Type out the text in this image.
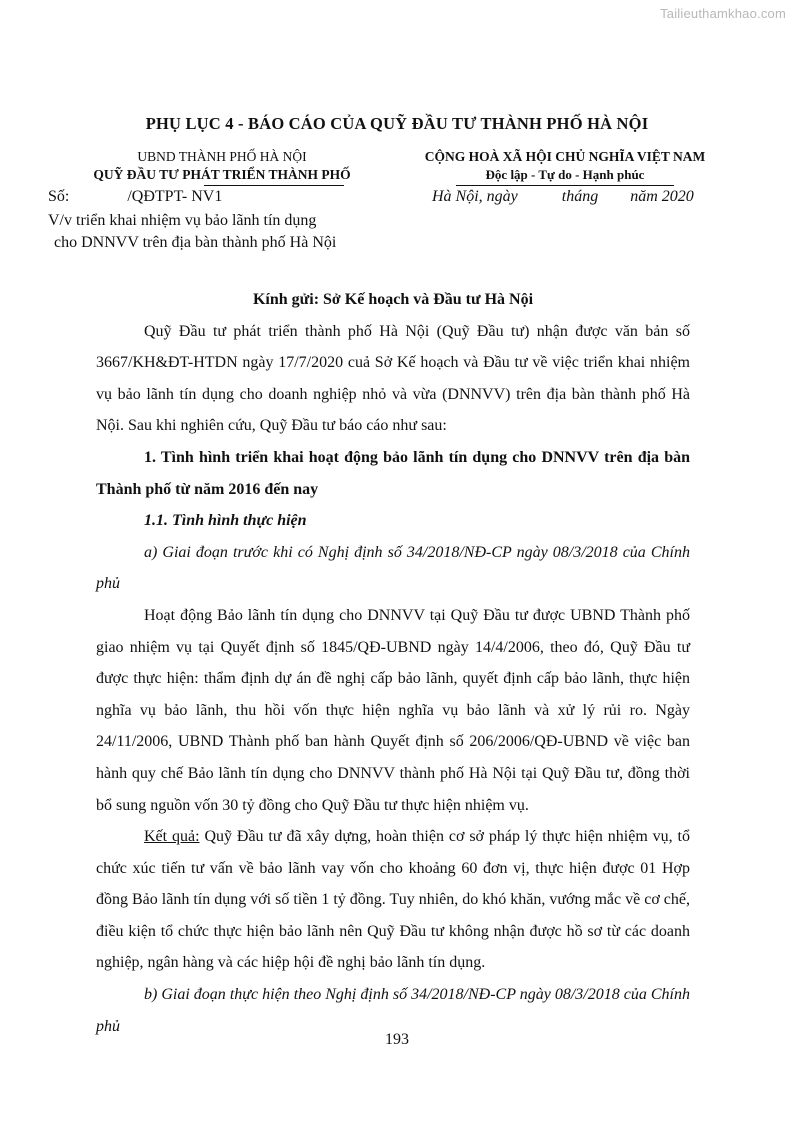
Tailieuthamkhao.com
PHỤ LỤC 4 - BÁO CÁO CỦA QUỸ ĐẦU TƯ THÀNH PHỐ HÀ NỘI
UBND THÀNH PHỐ HÀ NỘI
QUỸ ĐẦU TƯ PHÁT TRIỂN THÀNH PHỐ
CỘNG HOÀ XÃ HỘI CHỦ NGHĨA VIỆT NAM
Độc lập - Tự do - Hạnh phúc
Số:	/QĐTPT- NV1	Hà Nội, ngày	tháng năm 2020
V/v triển khai nhiệm vụ bảo lãnh tín dụng
cho DNNVV trên địa bàn thành phố Hà Nội

Kính gửi: Sở Kế hoạch và Đầu tư Hà Nội

Quỹ Đầu tư phát triển thành phố Hà Nội (Quỹ Đầu tư) nhận được văn bản số 3667/KH&ĐT-HTDN ngày 17/7/2020 cuả Sở Kế hoạch và Đầu tư về việc triển khai nhiệm vụ bảo lãnh tín dụng cho doanh nghiệp nhỏ và vừa (DNNVV) trên địa bàn thành phố Hà Nội. Sau khi nghiên cứu, Quỹ Đầu tư báo cáo như sau:

1. Tình hình triển khai hoạt động bảo lãnh tín dụng cho DNNVV trên địa bàn Thành phố từ năm 2016 đến nay

1.1. Tình hình thực hiện

a) Giai đoạn trước khi có Nghị định số 34/2018/NĐ-CP ngày 08/3/2018 của Chính phủ

Hoạt động Bảo lãnh tín dụng cho DNNVV tại Quỹ Đầu tư được UBND Thành phố giao nhiệm vụ tại Quyết định số 1845/QĐ-UBND ngày 14/4/2006, theo đó, Quỹ Đầu tư được thực hiện: thẩm định dự án đề nghị cấp bảo lãnh, quyết định cấp bảo lãnh, thực hiện nghĩa vụ bảo lãnh, thu hồi vốn thực hiện nghĩa vụ bảo lãnh và xử lý rủi ro. Ngày 24/11/2006, UBND Thành phố ban hành Quyết định số 206/2006/QĐ-UBND về việc ban hành quy chế Bảo lãnh tín dụng cho DNNVV thành phố Hà Nội tại Quỹ Đầu tư, đồng thời bổ sung nguồn vốn 30 tỷ đồng cho Quỹ Đầu tư thực hiện nhiệm vụ.

Kết quả: Quỹ Đầu tư đã xây dựng, hoàn thiện cơ sở pháp lý thực hiện nhiệm vụ, tổ chức xúc tiến tư vấn về bảo lãnh vay vốn cho khoảng 60 đơn vị, thực hiện được 01 Hợp đồng Bảo lãnh tín dụng với số tiền 1 tỷ đồng. Tuy nhiên, do khó khăn, vướng mắc về cơ chế, điều kiện tổ chức thực hiện bảo lãnh nên Quỹ Đầu tư không nhận được hồ sơ từ các doanh nghiệp, ngân hàng và các hiệp hội đề nghị bảo lãnh tín dụng.

b) Giai đoạn thực hiện theo Nghị định số 34/2018/NĐ-CP ngày 08/3/2018 của Chính phủ

193
